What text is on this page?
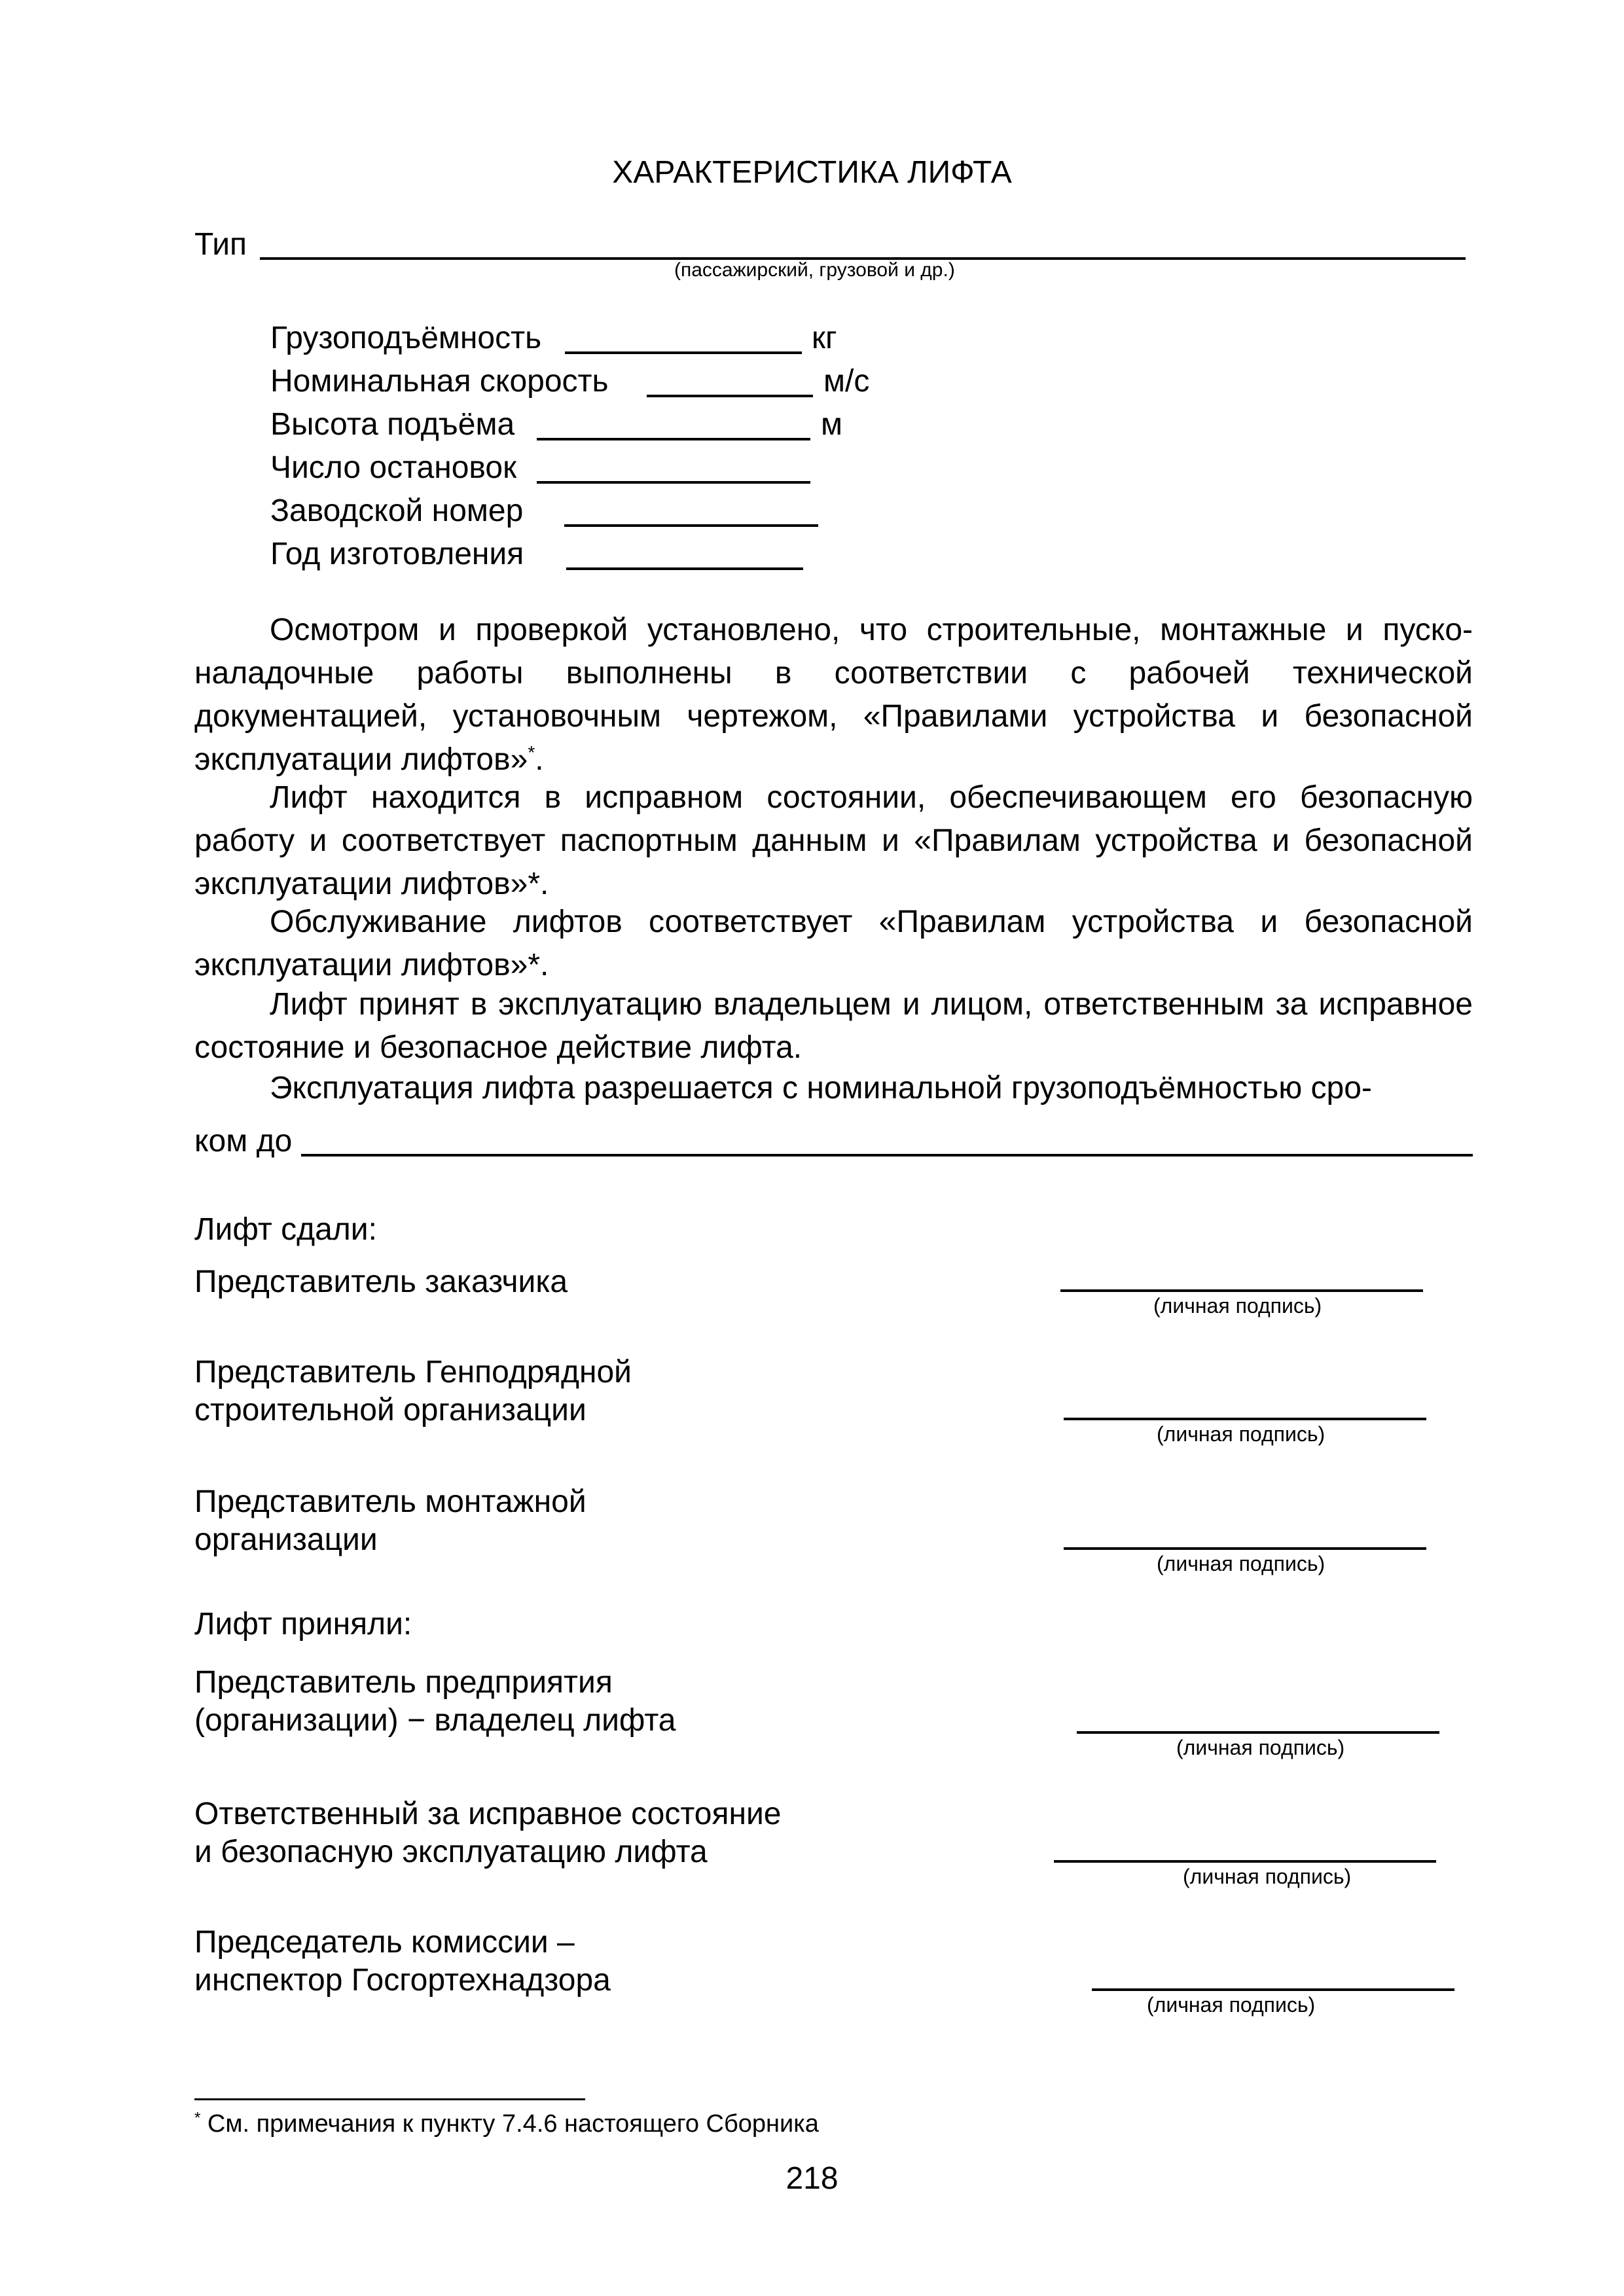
ХАРАКТЕРИСТИКА ЛИФТА
Тип
(пассажирский, грузовой и др.)
Грузоподъёмность	кг
Номинальная скорость	м/с
Высота подъёма	м
Число остановок
Заводской номер
Год изготовления
Осмотром и проверкой установлено, что строительные, монтажные и пуско-наладочные работы выполнены в соответствии с рабочей технической документацией, установочным чертежом, «Правилами устройства и безопасной эксплуатации лифтов»*.
Лифт находится в исправном состоянии, обеспечивающем его безопасную работу и соответствует паспортным данным и «Правилам устройства и безопасной эксплуатации лифтов»*.
Обслуживание лифтов соответствует «Правилам устройства и безопасной эксплуатации лифтов»*.
Лифт принят в эксплуатацию владельцем и лицом, ответственным за исправное состояние и безопасное действие лифта.
Эксплуатация лифта разрешается с номинальной грузоподъёмностью сро-
ком до
Лифт сдали:
Представитель заказчика
(личная подпись)
Представитель Генподрядной
строительной организации
(личная подпись)
Представитель монтажной
организации
(личная подпись)
Лифт приняли:
Представитель предприятия
(организации) − владелец лифта
(личная подпись)
Ответственный за исправное состояние
и безопасную эксплуатацию лифта
(личная подпись)
Председатель комиссии –
инспектор Госгортехнадзора
(личная подпись)
* См. примечания к пункту 7.4.6 настоящего Сборника
218
